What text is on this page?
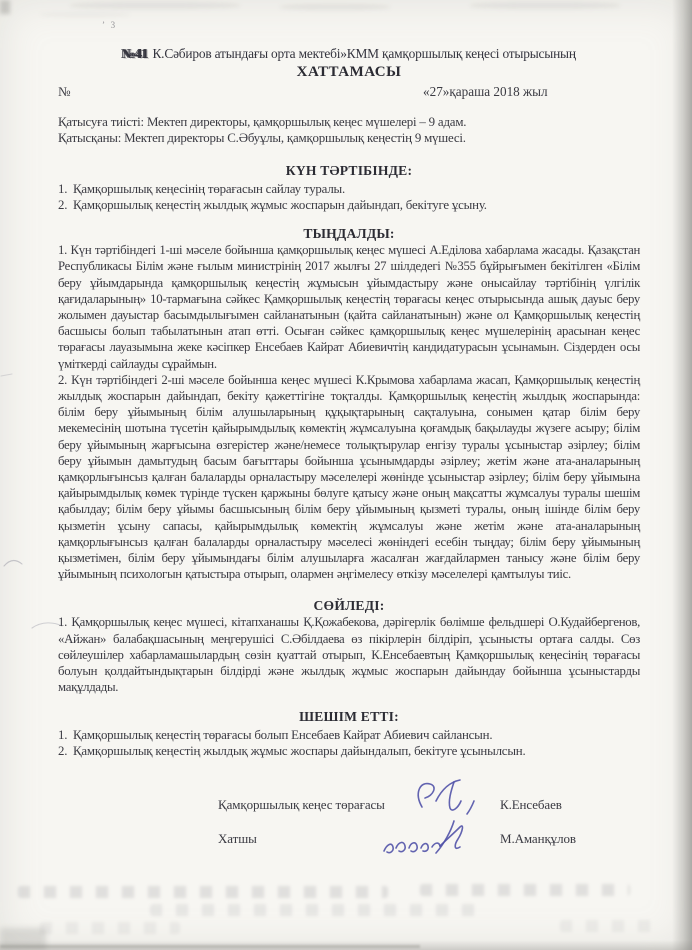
’ 3
№41 К.Сәбиров атындағы орта мектебі»КММ қамқоршылық кеңесі отырысының
ХАТТАМАСЫ
№	«27»қараша 2018 жыл
Қатысуға тиісті: Мектеп директоры, қамқоршылық кеңес мүшелері – 9 адам.
Қатысқаны: Мектеп директоры С.Әбуұлы, қамқоршылық кеңестің 9 мүшесі.
КҮН ТӘРТІБІНДЕ:
1. Қамқоршылық кеңесінің төрағасын сайлау туралы.
2. Қамқоршылық кеңестің жылдық жұмыс жоспарын дайындап, бекітуге ұсыну.
ТЫҢДАЛДЫ:

1. Күн тәртібіндегі 1-ші мәселе бойынша қамқоршылық кеңес мүшесі А.Еділова хабарлама жасады. Қазақстан Республикасы Білім және ғылым министрінің 2017 жылғы 27 шілдедегі №355 бұйрығымен бекітілген «Білім беру ұйымдарында қамқоршылық кеңестің жұмысын ұйымдастыру және онысайлау тәртібінің үлгілік қағидаларының» 10-тармағына сәйкес Қамқоршылық кеңестің төрағасы кеңес отырысында ашық дауыс беру жолымен дауыстар басымдылығымен сайланатынын (қайта сайланатынын) және ол Қамқоршылық кеңестің басшысы болып табылатынын атап өтті. Осыған сәйкес қамқоршылық кеңес мүшелерінің арасынан кеңес төрағасы лауазымына жеке кәсіпкер Енсебаев Кайрат Абиевичтің кандидатурасын ұсынамын. Сіздерден осы үміткерді сайлауды сұраймын.

2. Күн тәртібіндегі 2-ші мәселе бойынша кеңес мүшесі К.Крымова хабарлама жасап, Қамқоршылық кеңестің жылдық жоспарын дайындап, бекіту қажеттігіне тоқталды. Қамқоршылық кеңестің жылдық жоспарында: білім беру ұйымының білім алушыларының құқықтарының сақталуына, сонымен қатар білім беру мекемесінің шотына түсетін қайырымдылық көмектің жұмсалуына қоғамдық бақылауды жүзеге асыру; білім беру ұйымының жарғысына өзгерістер және/немесе толықтырулар енгізу туралы ұсыныстар әзірлеу; білім беру ұйымын дамытудың басым бағыттары бойынша ұсынымдарды әзірлеу; жетім және ата-аналарының қамқорлығынсыз қалған балаларды орналастыру мәселелері жөнінде ұсыныстар әзірлеу; білім беру ұйымына қайырымдылық көмек түрінде түскен қаржыны бөлуге қатысу және оның мақсатты жұмсалуы туралы шешім қабылдау; білім беру ұйымы басшысының білім беру ұйымының қызметі туралы, оның ішінде білім беру қызметін ұсыну сапасы, қайырымдылық көмектің жұмсалуы және жетім және ата-аналарының қамқорлығынсыз қалған балаларды орналастыру мәселесі жөніндегі есебін тыңдау; білім беру ұйымының қызметімен, білім беру ұйымындағы білім алушыларға жасалған жағдайлармен танысу және білім беру ұйымының психологын қатыстыра отырып, олармен әңгімелесу өткізу мәселелері қамтылуы тиіс.

СӨЙЛЕДІ:

1. Қамқоршылық кеңес мүшесі, кітапханашы Қ.Қожабекова, дәрігерлік бөлімше фельдшері О.Кудайбергенов, «Айжан» балабақшасының меңгерушісі С.Әбілдаева өз пікірлерін білдіріп, ұсынысты ортаға салды. Сөз сөйлеушілер хабарламашылардың сөзін қуаттай отырып, К.Енсебаевтың Қамқоршылық кеңесінің төрағасы болуын қолдайтындықтарын білдірді және жылдық жұмыс жоспарын дайындау бойынша ұсыныстарды мақұлдады.

ШЕШІМ ЕТТІ:
1. Қамқоршылық кеңестің төрағасы болып Енсебаев Кайрат Абиевич сайлансын.
2. Қамқоршылық кеңестің жылдық жұмыс жоспары дайындалып, бекітуге ұсынылсын.
Қамқоршылық кеңес төрағасы	К.Енсебаев
Хатшы	М.Аманқұлов
